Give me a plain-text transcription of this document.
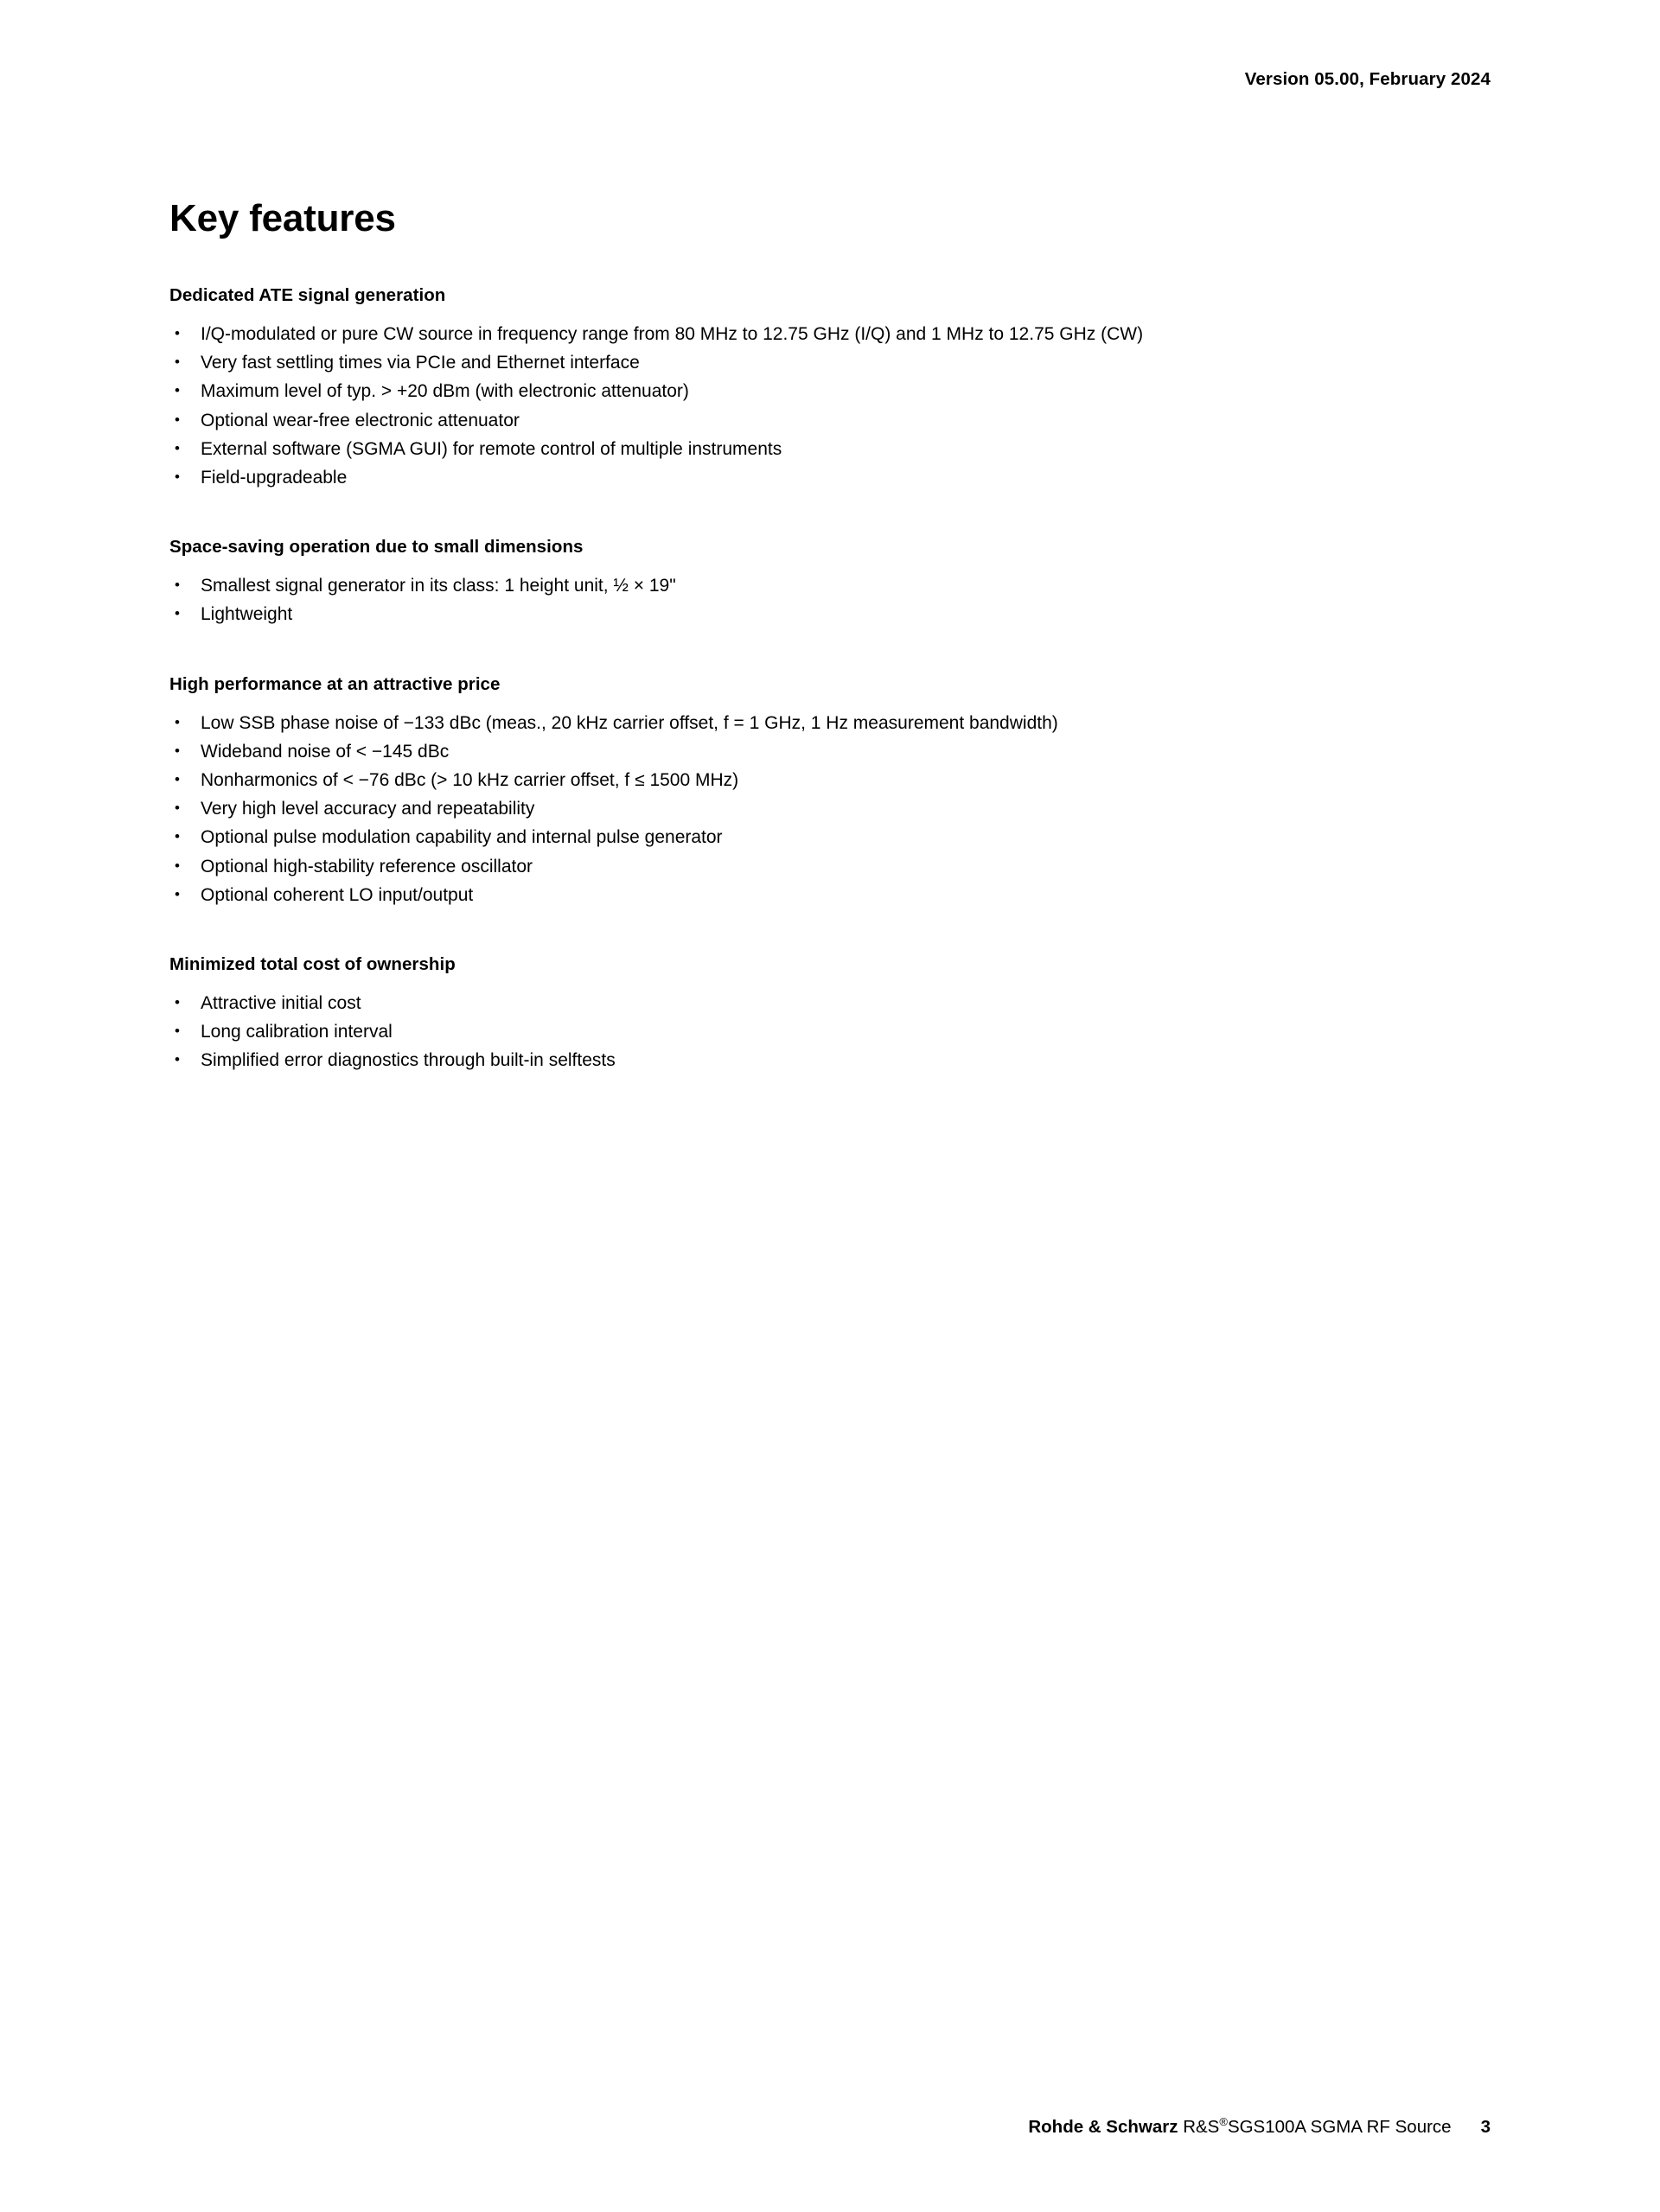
Version 05.00, February 2024
Key features
Dedicated ATE signal generation
• I/Q-modulated or pure CW source in frequency range from 80 MHz to 12.75 GHz (I/Q) and 1 MHz to 12.75 GHz (CW)
• Very fast settling times via PCIe and Ethernet interface
• Maximum level of typ. > +20 dBm (with electronic attenuator)
• Optional wear-free electronic attenuator
• External software (SGMA GUI) for remote control of multiple instruments
• Field-upgradeable
Space-saving operation due to small dimensions
• Smallest signal generator in its class: 1 height unit, ½ × 19"
• Lightweight
High performance at an attractive price
• Low SSB phase noise of −133 dBc (meas., 20 kHz carrier offset, f = 1 GHz, 1 Hz measurement bandwidth)
• Wideband noise of < −145 dBc
• Nonharmonics of < −76 dBc (> 10 kHz carrier offset, f ≤ 1500 MHz)
• Very high level accuracy and repeatability
• Optional pulse modulation capability and internal pulse generator
• Optional high-stability reference oscillator
• Optional coherent LO input/output
Minimized total cost of ownership
• Attractive initial cost
• Long calibration interval
• Simplified error diagnostics through built-in selftests
Rohde & Schwarz R&S®SGS100A SGMA RF Source 3
